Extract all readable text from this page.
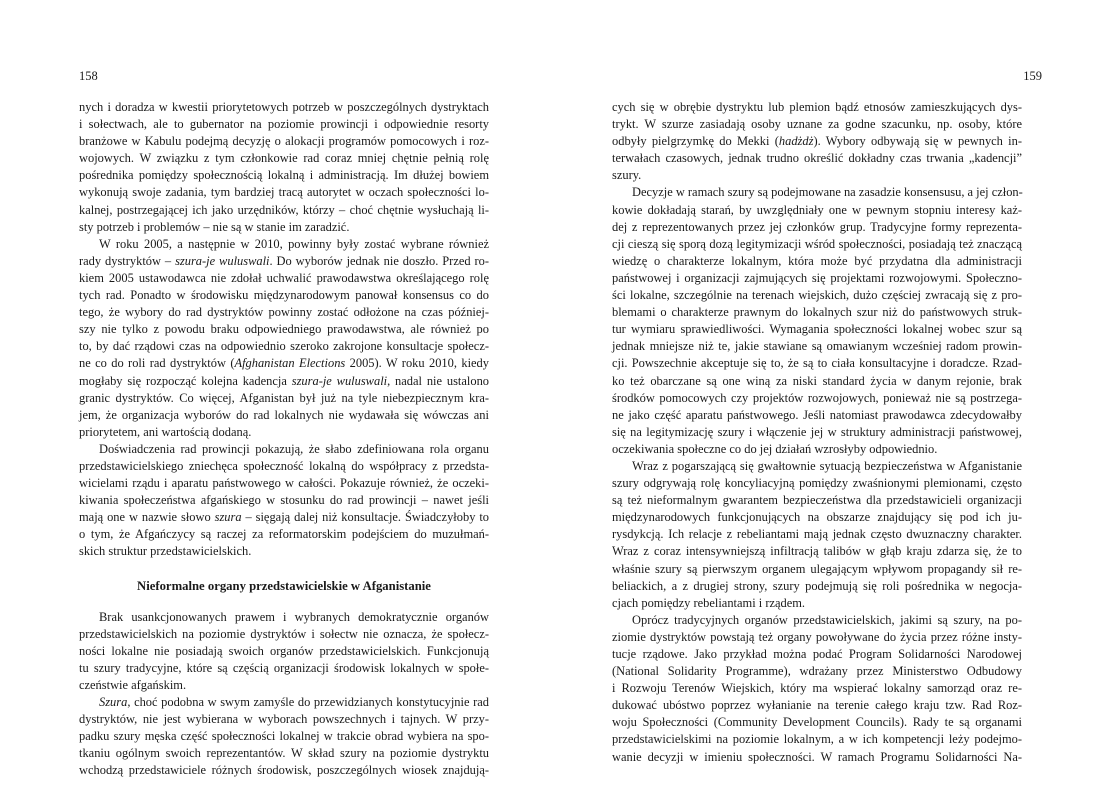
158

nych i doradza w kwestii priorytetowych potrzeb w poszczególnych dystryktach
i sołectwach, ale to gubernator na poziomie prowincji i odpowiednie resorty
branżowe w Kabulu podejmą decyzję o alokacji programów pomocowych i roz-
wojowych. W związku z tym członkowie rad coraz mniej chętnie pełnią rolę
pośrednika pomiędzy społecznością lokalną i administracją. Im dłużej bowiem
wykonują swoje zadania, tym bardziej tracą autorytet w oczach społeczności lo-
kalnej, postrzegającej ich jako urzędników, którzy – choć chętnie wysłuchają li-
sty potrzeb i problemów – nie są w stanie im zaradzić.

W roku 2005, a następnie w 2010, powinny były zostać wybrane również
rady dystryktów – szura-je wuluswali. Do wyborów jednak nie doszło. Przed ro-
kiem 2005 ustawodawca nie zdołał uchwalić prawodawstwa określającego rolę
tych rad. Ponadto w środowisku międzynarodowym panował konsensus co do
tego, że wybory do rad dystryktów powinny zostać odłożone na czas później-
szy nie tylko z powodu braku odpowiedniego prawodawstwa, ale również po
to, by dać rządowi czas na odpowiednio szeroko zakrojone konsultacje społecz-
ne co do roli rad dystryktów (Afghanistan Elections 2005). W roku 2010, kiedy
mogłaby się rozpocząć kolejna kadencja szura-je wuluswali, nadal nie ustalono
granic dystryktów. Co więcej, Afganistan był już na tyle niebezpiecznym kra-
jem, że organizacja wyborów do rad lokalnych nie wydawała się wówczas ani
priorytetem, ani wartością dodaną.

Doświadczenia rad prowincji pokazują, że słabo zdefiniowana rola organu
przedstawicielskiego zniechęca społeczność lokalną do współpracy z przedsta-
wicielami rządu i aparatu państwowego w całości. Pokazuje również, że oczeki-
kiwania społeczeństwa afgańskiego w stosunku do rad prowincji – nawet jeśli
mają one w nazwie słowo szura – sięgają dalej niż konsultacje. Świadczyłoby to
o tym, że Afgańczycy są raczej za reformatorskim podejściem do muzułmań-
skich struktur przedstawicielskich.

Nieformalne organy przedstawicielskie w Afganistanie

Brak usankcjonowanych prawem i wybranych demokratycznie organów
przedstawicielskich na poziomie dystryktów i sołectw nie oznacza, że społecz-
ności lokalne nie posiadają swoich organów przedstawicielskich. Funkcjonują
tu szury tradycyjne, które są częścią organizacji środowisk lokalnych w społe-
czeństwie afgańskim.

Szura, choć podobna w swym zamyśle do przewidzianych konstytucyjnie rad
dystryktów, nie jest wybierana w wyborach powszechnych i tajnych. W przy-
padku szury męska część społeczności lokalnej w trakcie obrad wybiera na spo-
tkaniu ogólnym swoich reprezentantów. W skład szury na poziomie dystryktu
wchodzą przedstawiciele różnych środowisk, poszczególnych wiosek znajdują-

159

cych się w obrębie dystryktu lub plemion bądź etnosów zamieszkujących dys-
trykt. W szurze zasiadają osoby uznane za godne szacunku, np. osoby, które
odbyły pielgrzymkę do Mekki (hadżdż). Wybory odbywają się w pewnych in-
terwałach czasowych, jednak trudno określić dokładny czas trwania „kadencji”
szury.

Decyzje w ramach szury są podejmowane na zasadzie konsensusu, a jej człon-
kowie dokładają starań, by uwzględniały one w pewnym stopniu interesy każ-
dej z reprezentowanych przez jej członków grup. Tradycyjne formy reprezenta-
cji cieszą się sporą dozą legitymizacji wśród społeczności, posiadają też znaczącą
wiedzę o charakterze lokalnym, która może być przydatna dla administracji
państwowej i organizacji zajmujących się projektami rozwojowymi. Społeczno-
ści lokalne, szczególnie na terenach wiejskich, dużo częściej zwracają się z pro-
blemami o charakterze prawnym do lokalnych szur niż do państwowych struk-
tur wymiaru sprawiedliwości. Wymagania społeczności lokalnej wobec szur są
jednak mniejsze niż te, jakie stawiane są omawianym wcześniej radom prowin-
cji. Powszechnie akceptuje się to, że są to ciała konsultacyjne i doradcze. Rzad-
ko też obarczane są one winą za niski standard życia w danym rejonie, brak
środków pomocowych czy projektów rozwojowych, ponieważ nie są postrzega-
ne jako część aparatu państwowego. Jeśli natomiast prawodawca zdecydowałby
się na legitymizację szury i włączenie jej w struktury administracji państwowej,
oczekiwania społeczne co do jej działań wzrosłyby odpowiednio.

Wraz z pogarszającą się gwałtownie sytuacją bezpieczeństwa w Afganistanie
szury odgrywają rolę koncyliacyjną pomiędzy zwaśnionymi plemionami, często
są też nieformalnym gwarantem bezpieczeństwa dla przedstawicieli organizacji
międzynarodowych funkcjonujących na obszarze znajdujący się pod ich ju-
rysdykcją. Ich relacje z rebeliantami mają jednak często dwuznaczny charakter.
Wraz z coraz intensywniejszą infiltracją talibów w głąb kraju zdarza się, że to
właśnie szury są pierwszym organem ulegającym wpływom propagandy sił re-
beliackich, a z drugiej strony, szury podejmują się roli pośrednika w negocja-
cjach pomiędzy rebeliantami i rządem.

Oprócz tradycyjnych organów przedstawicielskich, jakimi są szury, na po-
ziomie dystryktów powstają też organy powoływane do życia przez różne insty-
tucje rządowe. Jako przykład można podać Program Solidarności Narodowej
(National Solidarity Programme), wdrażany przez Ministerstwo Odbudowy
i Rozwoju Terenów Wiejskich, który ma wspierać lokalny samorząd oraz re-
dukować ubóstwo poprzez wyłanianie na terenie całego kraju tzw. Rad Roz-
woju Społeczności (Community Development Councils). Rady te są organami
przedstawicielskimi na poziomie lokalnym, a w ich kompetencji leży podejmo-
wanie decyzji w imieniu społeczności. W ramach Programu Solidarności Na-
